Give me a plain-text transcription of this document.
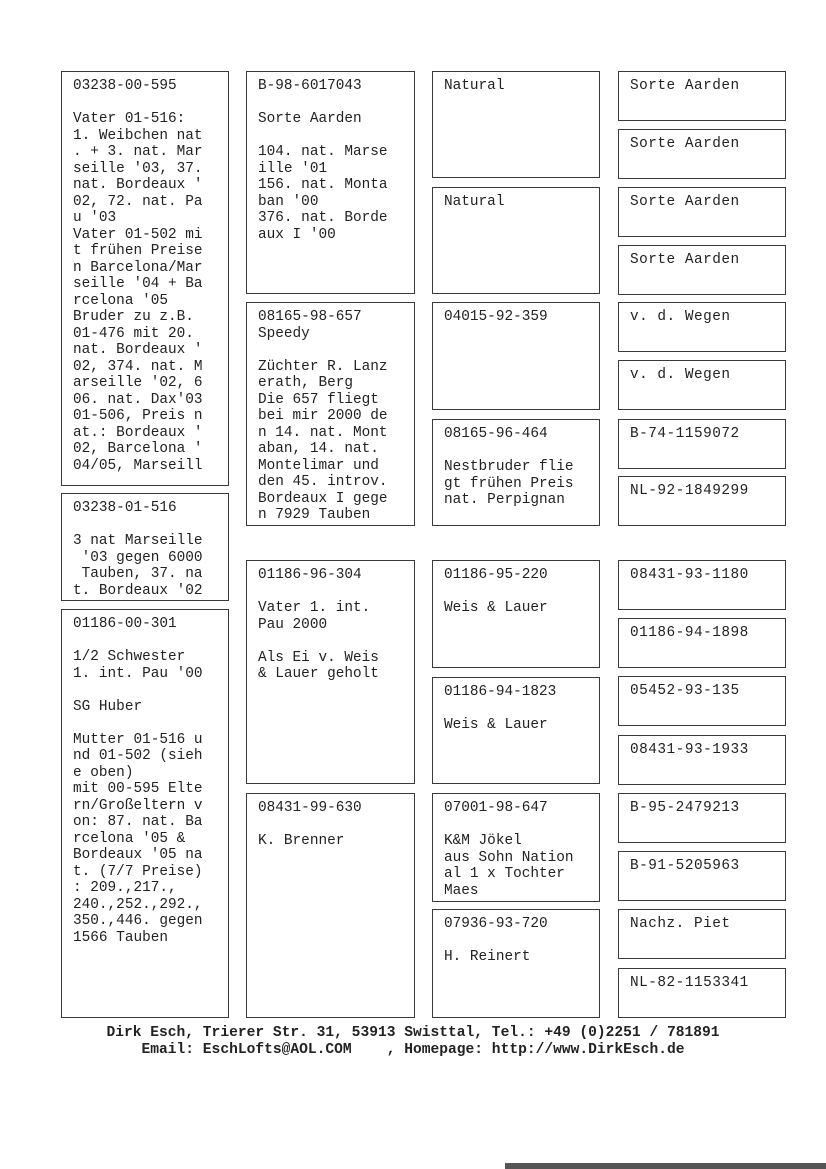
03238-00-595
Vater 01-516:
1. Weibchen nat
. + 3. nat. Mar
seille '03, 37.
nat. Bordeaux '
02, 72. nat. Pa
u '03
Vater 01-502 mi
t frühen Preise
n Barcelona/Mar
seille '04 + Ba
rcelona '05
Bruder zu z.B.
01-476 mit 20.
nat. Bordeaux '
02, 374. nat. M
arseille '02, 6
06. nat. Dax'03
01-506, Preis n
at.: Bordeaux '
02, Barcelona '
04/05, Marseill
03238-01-516
3 nat Marseille
'03 gegen 6000
Tauben, 37. na
t. Bordeaux '02
01186-00-301
1/2 Schwester
1. int. Pau '00
SG Huber
Mutter 01-516 u
nd 01-502 (sieh
e oben)
mit 00-595 Elte
rn/Großeltern v
on: 87. nat. Ba
rcelona '05 &
Bordeaux '05 na
t. (7/7 Preise)
: 209.,217.,
240.,252.,292.,
350.,446. gegen
1566 Tauben
B-98-6017043
Sorte Aarden
104. nat. Marse
ille '01
156. nat. Monta
ban '00
376. nat. Borde
aux I '00
08165-98-657
Speedy
Züchter R. Lanz
erath, Berg
Die 657 fliegt
bei mir 2000 de
n 14. nat. Mont
aban, 14. nat.
Montelimar und
den 45. introv.
Bordeaux I gege
n 7929 Tauben
01186-96-304
Vater 1. int.
Pau 2000
Als Ei v. Weis
& Lauer geholt
08431-99-630
K. Brenner
Natural
Natural
04015-92-359
08165-96-464
Nestbruder flie
gt frühen Preis
nat. Perpignan
01186-95-220
Weis & Lauer
01186-94-1823
Weis & Lauer
07001-98-647
K&M Jökel
aus Sohn Nation
al 1 x Tochter
Maes
07936-93-720
H. Reinert
Sorte Aarden
Sorte Aarden
Sorte Aarden
Sorte Aarden
v. d. Wegen
v. d. Wegen
B-74-1159072
NL-92-1849299
08431-93-1180
01186-94-1898
05452-93-135
08431-93-1933
B-95-2479213
B-91-5205963
Nachz. Piet
NL-82-1153341
Dirk Esch, Trierer Str. 31, 53913 Swisttal, Tel.: +49 (0)2251 / 781891
Email: EschLofts@AOL.COM    , Homepage: http://www.DirkEsch.de
